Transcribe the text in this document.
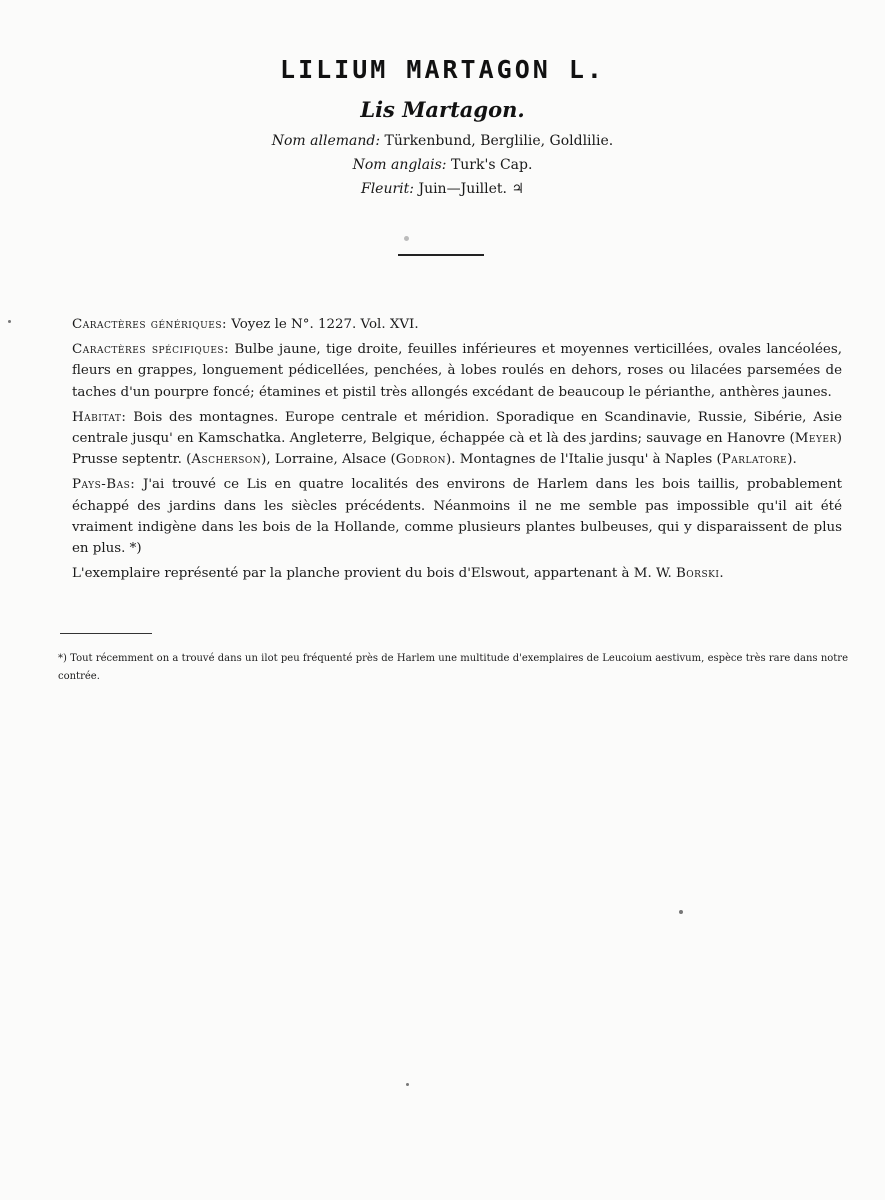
LILIUM MARTAGON L.
Lis Martagon.
Nom allemand: Türkenbund, Berglilie, Goldlilie.
Nom anglais: Turk's Cap.
Fleurit: Juin—Juillet. ♃

Caractères génériques: Voyez le N°. 1227. Vol. XVI.

Caractères spécifiques: Bulbe jaune, tige droite, feuilles inférieures et moyennes verticillées, ovales lancéolées, fleurs en grappes, longuement pédicellées, penchées, à lobes roulés en dehors, roses ou lilacées parsemées de taches d'un pourpre foncé; étamines et pistil très allongés excédant de beaucoup le périanthe, anthères jaunes.

Habitat: Bois des montagnes. Europe centrale et méridion. Sporadique en Scandinavie, Russie, Sibérie, Asie centrale jusqu' en Kamschatka. Angleterre, Belgique, échappée cà et là des jardins; sauvage en Hanovre (Meyer) Prusse septentr. (Ascherson), Lorraine, Alsace (Godron). Montagnes de l'Italie jusqu' à Naples (Parlatore).

Pays-Bas: J'ai trouvé ce Lis en quatre localités des environs de Harlem dans les bois taillis, probablement échappé des jardins dans les siècles précédents. Néanmoins il ne me semble pas impossible qu'il ait été vraiment indigène dans les bois de la Hollande, comme plusieurs plantes bulbeuses, qui y disparaissent de plus en plus. *)

L'exemplaire représenté par la planche provient du bois d'Elswout, appartenant à M. W. Borski.

*) Tout récemment on a trouvé dans un ilot peu fréquenté près de Harlem une multitude d'exemplaires de Leucoium aestivum, espèce très rare dans notre contrée.
